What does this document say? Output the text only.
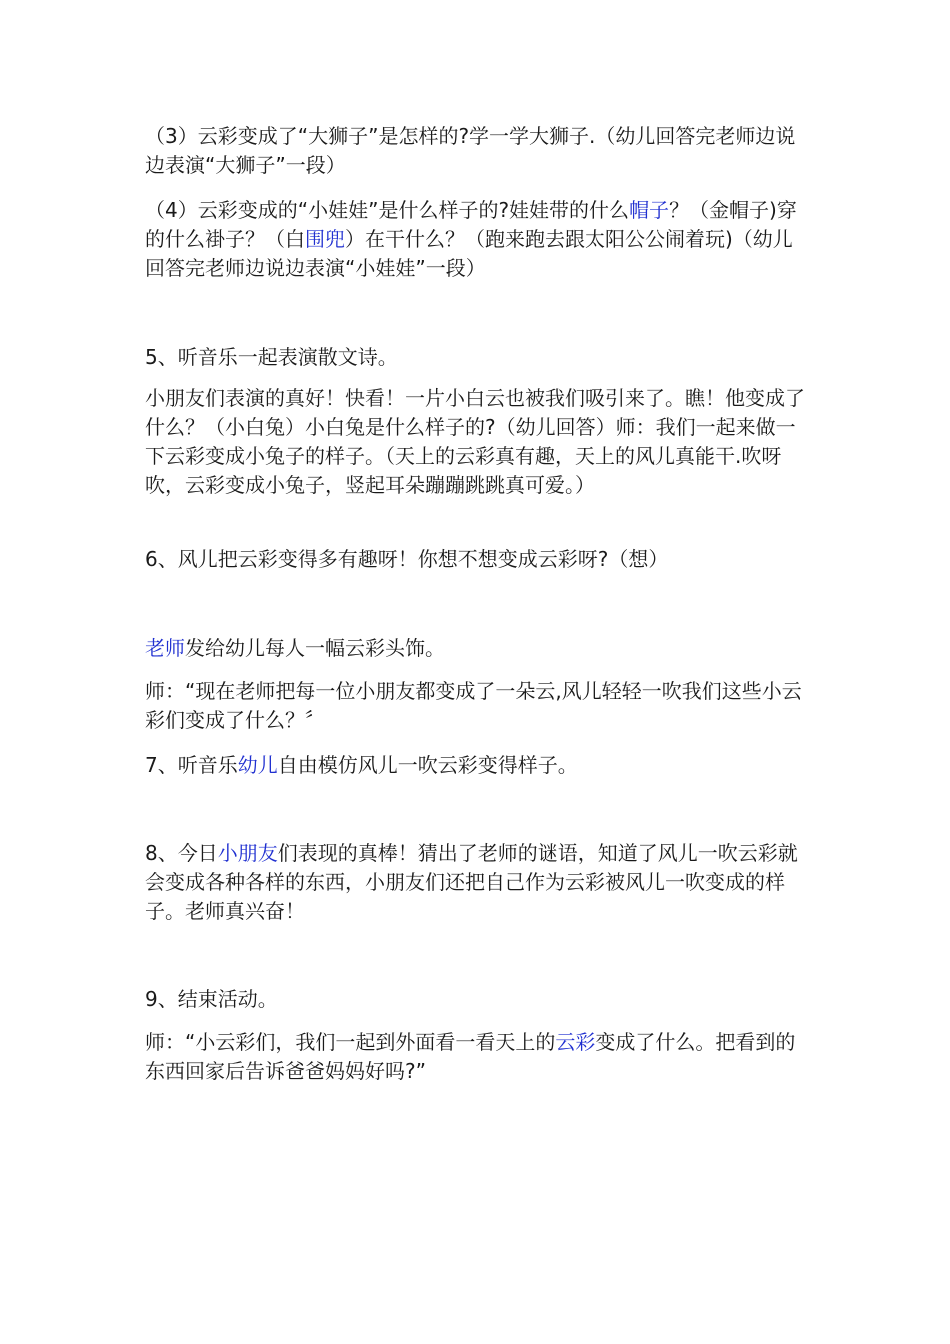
（3）云彩变成了“大狮子”是怎样的?学一学大狮子.（幼儿回答完老师边说边表演“大狮子”一段）

（4）云彩变成的“小娃娃”是什么样子的?娃娃带的什么帽子？（金帽子)穿的什么褂子？（白围兜）在干什么？（跑来跑去跟太阳公公闹着玩)（幼儿回答完老师边说边表演“小娃娃”一段）

5、听音乐一起表演散文诗。

小朋友们表演的真好！快看！一片小白云也被我们吸引来了。瞧！他变成了什么？（小白兔）小白兔是什么样子的?（幼儿回答）师：我们一起来做一下云彩变成小兔子的样子。（天上的云彩真有趣，天上的风儿真能干.吹呀吹，云彩变成小兔子，竖起耳朵蹦蹦跳跳真可爱。）

6、风儿把云彩变得多有趣呀！你想不想变成云彩呀?（想）

老师发给幼儿每人一幅云彩头饰。

师：“现在老师把每一位小朋友都变成了一朵云,风儿轻轻一吹我们这些小云彩们变成了什么？〞

7、听音乐幼儿自由模仿风儿一吹云彩变得样子。

8、今日小朋友们表现的真棒！猜出了老师的谜语，知道了风儿一吹云彩就会变成各种各样的东西，小朋友们还把自己作为云彩被风儿一吹变成的样子。老师真兴奋！

9、结束活动。

师：“小云彩们，我们一起到外面看一看天上的云彩变成了什么。把看到的东西回家后告诉爸爸妈妈好吗?”
